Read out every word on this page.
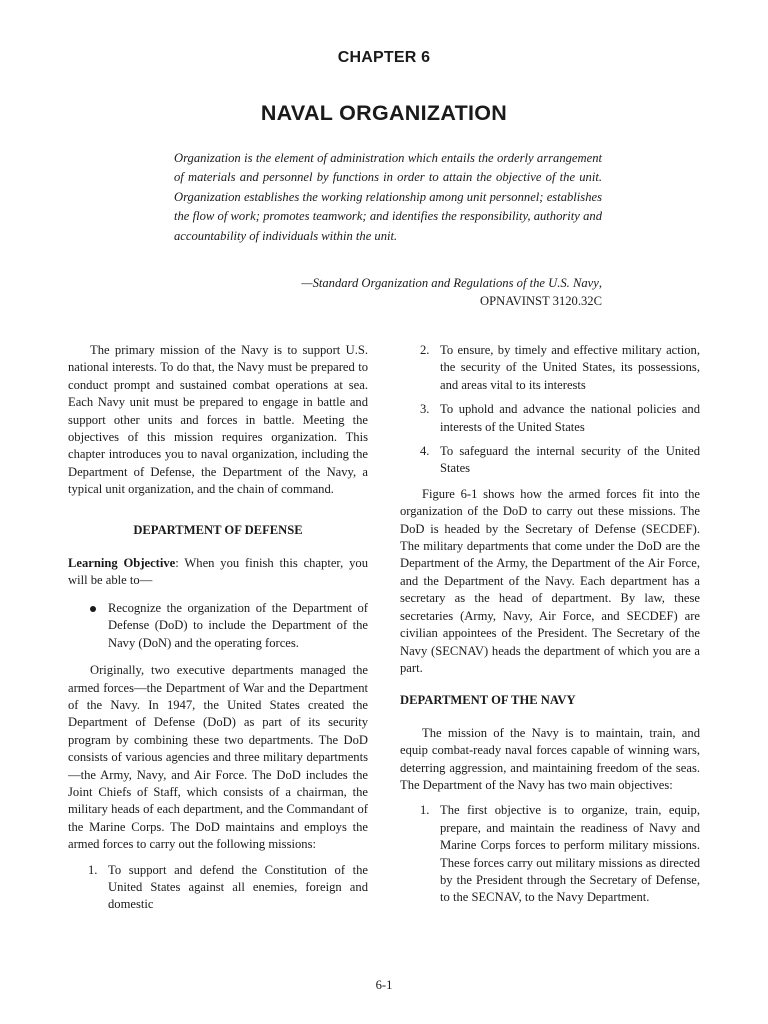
CHAPTER 6
NAVAL ORGANIZATION

Organization is the element of administration which entails the orderly arrangement of materials and personnel by functions in order to attain the objective of the unit. Organization establishes the working relationship among unit personnel; establishes the flow of work; promotes teamwork; and identifies the responsibility, authority and accountability of individuals within the unit.

—Standard Organization and Regulations of the U.S. Navy,
OPNAVINST 3120.32C

The primary mission of the Navy is to support U.S. national interests. To do that, the Navy must be prepared to conduct prompt and sustained combat operations at sea. Each Navy unit must be prepared to engage in battle and support other units and forces in battle. Meeting the objectives of this mission requires organization. This chapter introduces you to naval organization, including the Department of Defense, the Department of the Navy, a typical unit organization, and the chain of command.

DEPARTMENT OF DEFENSE

Learning Objective: When you finish this chapter, you will be able to—

Recognize the organization of the Department of Defense (DoD) to include the Department of the Navy (DoN) and the operating forces.

Originally, two executive departments managed the armed forces—the Department of War and the Department of the Navy. In 1947, the United States created the Department of Defense (DoD) as part of its security program by combining these two departments. The DoD consists of various agencies and three military departments—the Army, Navy, and Air Force. The DoD includes the Joint Chiefs of Staff, which consists of a chairman, the military heads of each department, and the Commandant of the Marine Corps. The DoD maintains and employs the armed forces to carry out the following missions:

1. To support and defend the Constitution of the United States against all enemies, foreign and domestic
2. To ensure, by timely and effective military action, the security of the United States, its possessions, and areas vital to its interests
3. To uphold and advance the national policies and interests of the United States
4. To safeguard the internal security of the United States

Figure 6-1 shows how the armed forces fit into the organization of the DoD to carry out these missions. The DoD is headed by the Secretary of Defense (SECDEF). The military departments that come under the DoD are the Department of the Army, the Department of the Air Force, and the Department of the Navy. Each department has a secretary as the head of department. By law, these secretaries (Army, Navy, Air Force, and SECDEF) are civilian appointees of the President. The Secretary of the Navy (SECNAV) heads the department of which you are a part.

DEPARTMENT OF THE NAVY

The mission of the Navy is to maintain, train, and equip combat-ready naval forces capable of winning wars, deterring aggression, and maintaining freedom of the seas. The Department of the Navy has two main objectives:

1. The first objective is to organize, train, equip, prepare, and maintain the readiness of Navy and Marine Corps forces to perform military missions. These forces carry out military missions as directed by the President through the Secretary of Defense, to the SECNAV, to the Navy Department.
6-1
